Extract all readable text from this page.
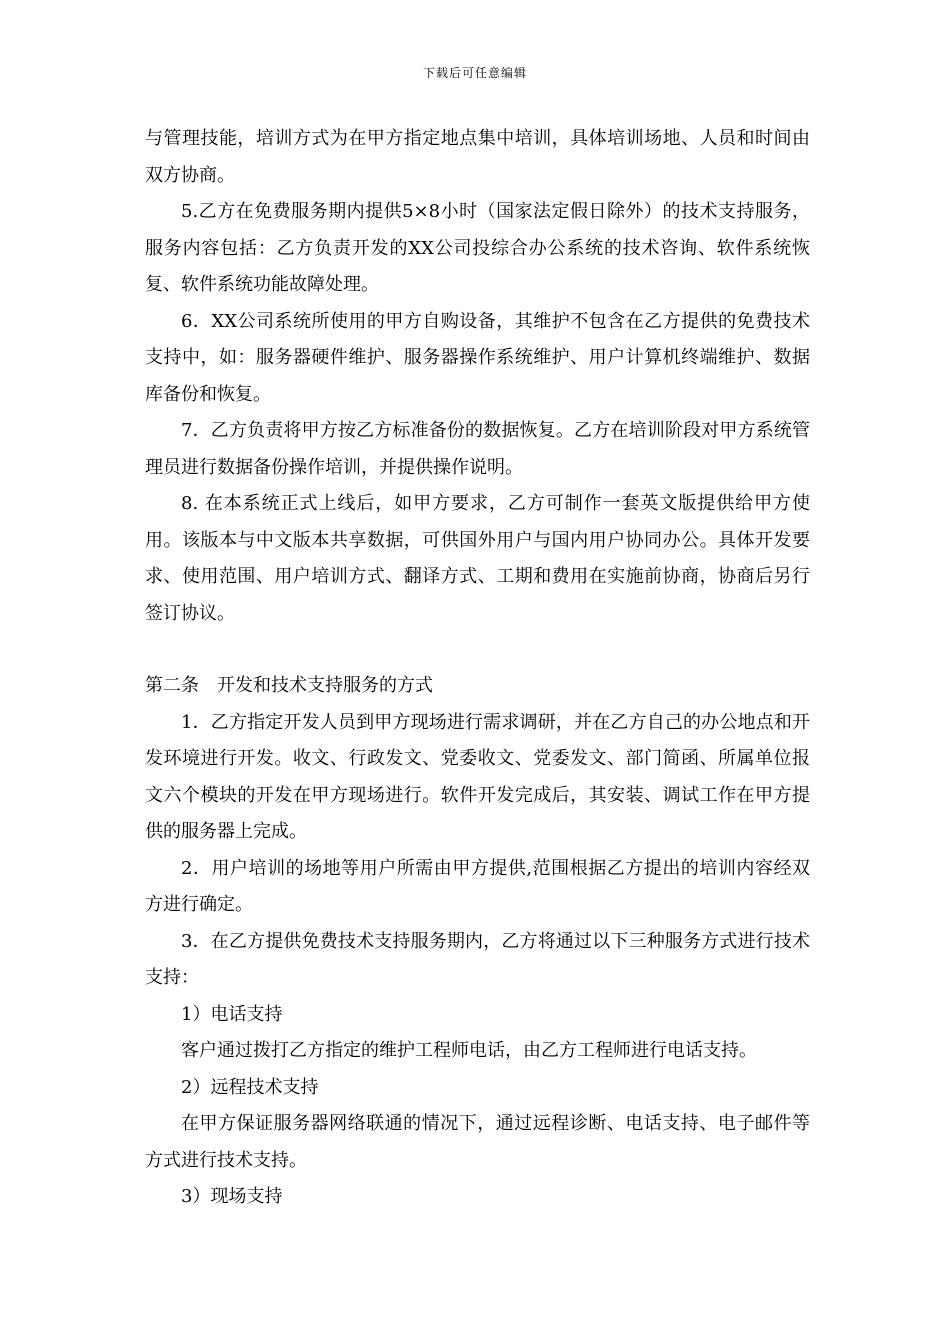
下载后可任意编辑

与管理技能，培训方式为在甲方指定地点集中培训，具体培训场地、人员和时间由双方协商。

5.乙方在免费服务期内提供5×8小时（国家法定假日除外）的技术支持服务，服务内容包括：乙方负责开发的XX公司投综合办公系统的技术咨询、软件系统恢复、软件系统功能故障处理。

6．XX公司系统所使用的甲方自购设备，其维护不包含在乙方提供的免费技术支持中，如：服务器硬件维护、服务器操作系统维护、用户计算机终端维护、数据库备份和恢复。

7．乙方负责将甲方按乙方标准备份的数据恢复。乙方在培训阶段对甲方系统管理员进行数据备份操作培训，并提供操作说明。

8. 在本系统正式上线后，如甲方要求，乙方可制作一套英文版提供给甲方使用。该版本与中文版本共享数据，可供国外用户与国内用户协同办公。具体开发要求、使用范围、用户培训方式、翻译方式、工期和费用在实施前协商，协商后另行签订协议。

第二条　开发和技术支持服务的方式

1．乙方指定开发人员到甲方现场进行需求调研，并在乙方自己的办公地点和开发环境进行开发。收文、行政发文、党委收文、党委发文、部门简函、所属单位报文六个模块的开发在甲方现场进行。软件开发完成后，其安装、调试工作在甲方提供的服务器上完成。

2．用户培训的场地等用户所需由甲方提供,范围根据乙方提出的培训内容经双方进行确定。

3．在乙方提供免费技术支持服务期内，乙方将通过以下三种服务方式进行技术支持：

1）电话支持

客户通过拨打乙方指定的维护工程师电话，由乙方工程师进行电话支持。

2）远程技术支持

在甲方保证服务器网络联通的情况下，通过远程诊断、电话支持、电子邮件等方式进行技术支持。

3）现场支持
